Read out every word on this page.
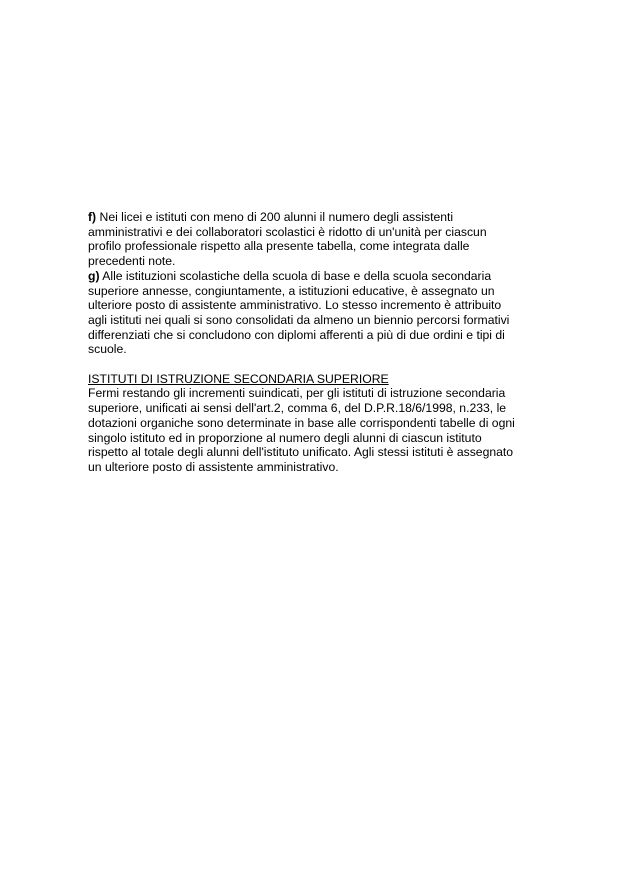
f) Nei licei e istituti con meno di 200 alunni il numero degli assistenti
amministrativi e dei collaboratori scolastici è ridotto di un'unità per ciascun
profilo professionale rispetto alla presente tabella, come integrata dalle
precedenti note.
g) Alle istituzioni scolastiche della scuola di base e della scuola secondaria
superiore annesse, congiuntamente, a istituzioni educative, è assegnato un
ulteriore posto di assistente amministrativo. Lo stesso incremento è attribuito
agli istituti nei quali si sono consolidati da almeno un biennio percorsi formativi
differenziati che si concludono con diplomi afferenti a più di due ordini e tipi di
scuole.
ISTITUTI DI ISTRUZIONE SECONDARIA SUPERIORE
Fermi restando gli incrementi suindicati, per gli istituti di istruzione secondaria
superiore, unificati ai sensi dell'art.2, comma 6, del D.P.R.18/6/1998, n.233, le
dotazioni organiche sono determinate in base alle corrispondenti tabelle di ogni
singolo istituto ed in proporzione al numero degli alunni di ciascun istituto
rispetto al totale degli alunni dell'istituto unificato. Agli stessi istituti è assegnato
un ulteriore posto di assistente amministrativo.
